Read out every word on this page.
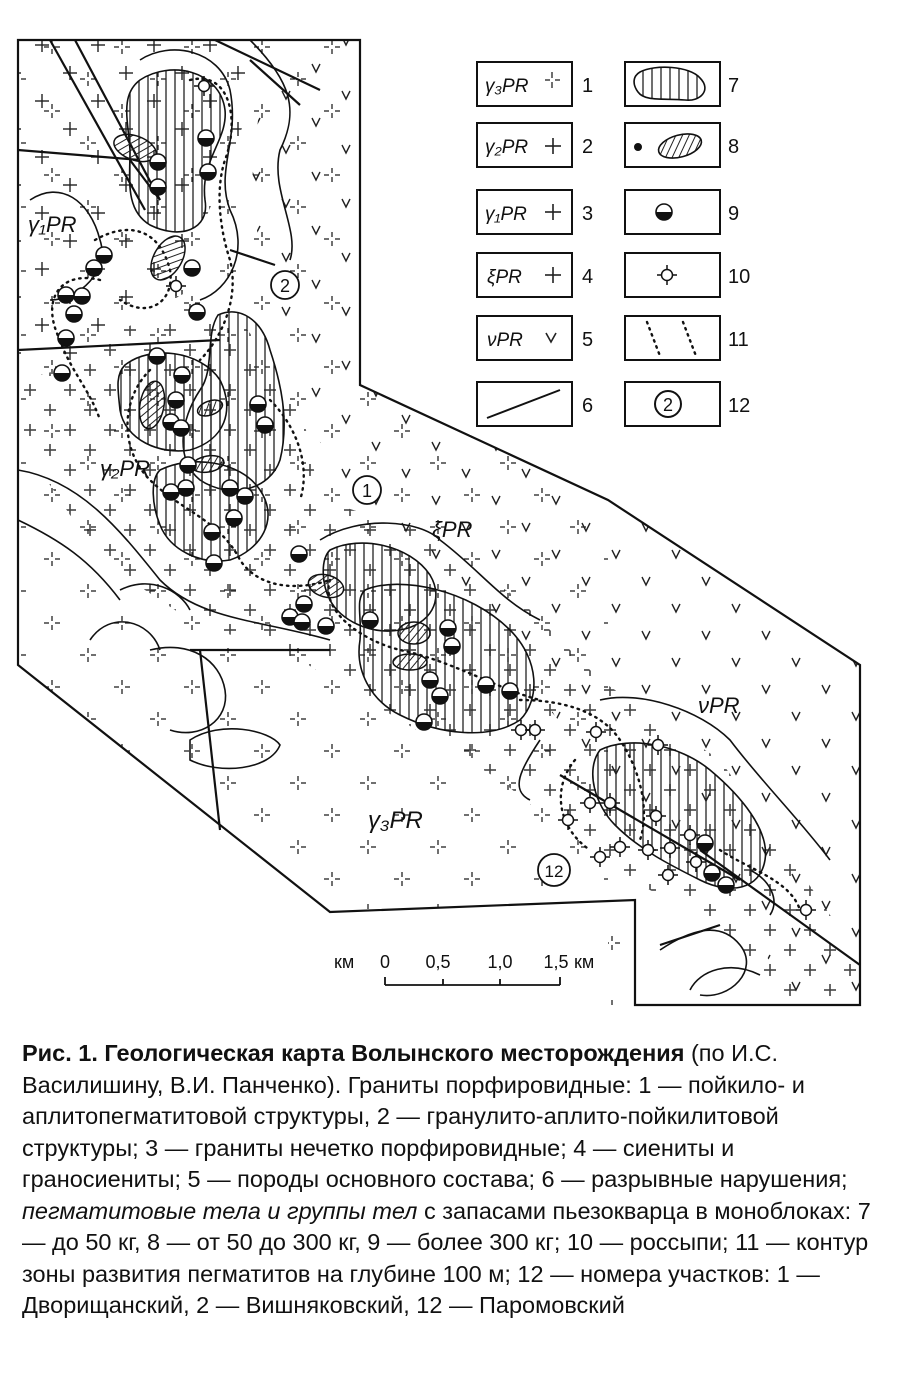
γ₁PR
γ₂PR
γ₃PR
ξPR
νPR
1
2
12
γ₃PR	1
γ₂PR	2
γ₁PR	3
ξPR	4
νPR	5
6
7
8
9
10
11
2	12
км 0 0,5 1,0 1,5 км
Рис. 1. Геологическая карта Волынского месторождения (по И.С. Василишину, В.И. Панченко). Граниты порфировидные: 1 — пойкило- и аплитопегматитовой структуры, 2 — гранулито-аплито-пойкилитовой структуры; 3 — граниты нечетко порфировидные; 4 — сиениты и граносиениты; 5 — породы основного состава; 6 — разрывные нарушения; пегматитовые тела и группы тел с запасами пьезокварца в моноблоках: 7 — до 50 кг, 8 — от 50 до 300 кг, 9 — более 300 кг; 10 — россыпи; 11 — контур зоны развития пегматитов на глубине 100 м; 12 — номера участков: 1 — Дворищанский, 2 — Вишняковский, 12 — Паромовский
